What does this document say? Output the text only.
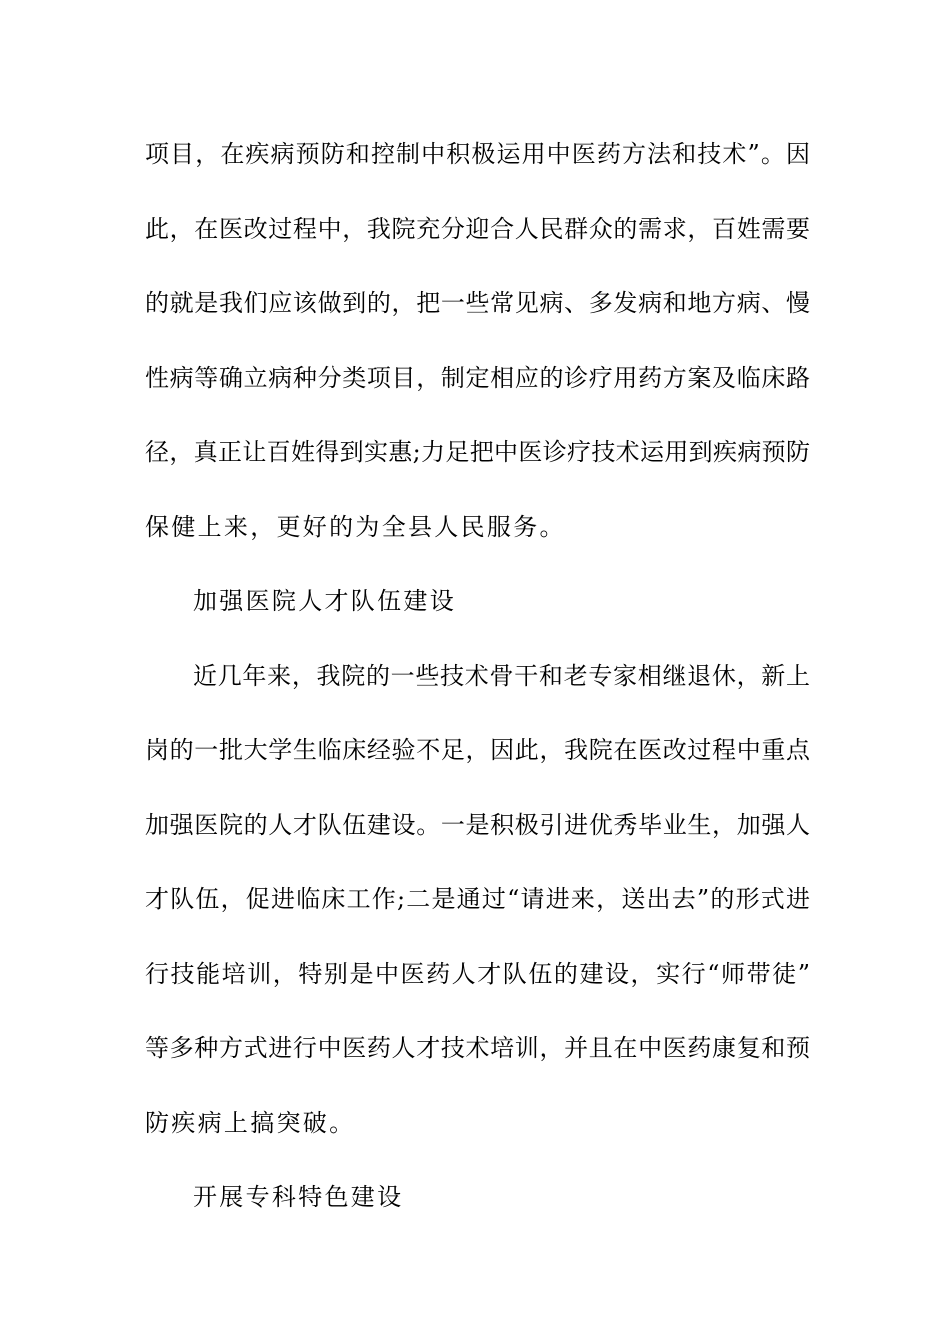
项目，在疾病预防和控制中积极运用中医药方法和技术”。因
此，在医改过程中，我院充分迎合人民群众的需求，百姓需要
的就是我们应该做到的，把一些常见病、多发病和地方病、慢
性病等确立病种分类项目，制定相应的诊疗用药方案及临床路
径，真正让百姓得到实惠;力足把中医诊疗技术运用到疾病预防
保健上来，更好的为全县人民服务。
加强医院人才队伍建设
近几年来，我院的一些技术骨干和老专家相继退休，新上
岗的一批大学生临床经验不足，因此，我院在医改过程中重点
加强医院的人才队伍建设。一是积极引进优秀毕业生，加强人
才队伍，促进临床工作;二是通过“请进来，送出去”的形式进
行技能培训，特别是中医药人才队伍的建设，实行“师带徒”
等多种方式进行中医药人才技术培训，并且在中医药康复和预
防疾病上搞突破。
开展专科特色建设
